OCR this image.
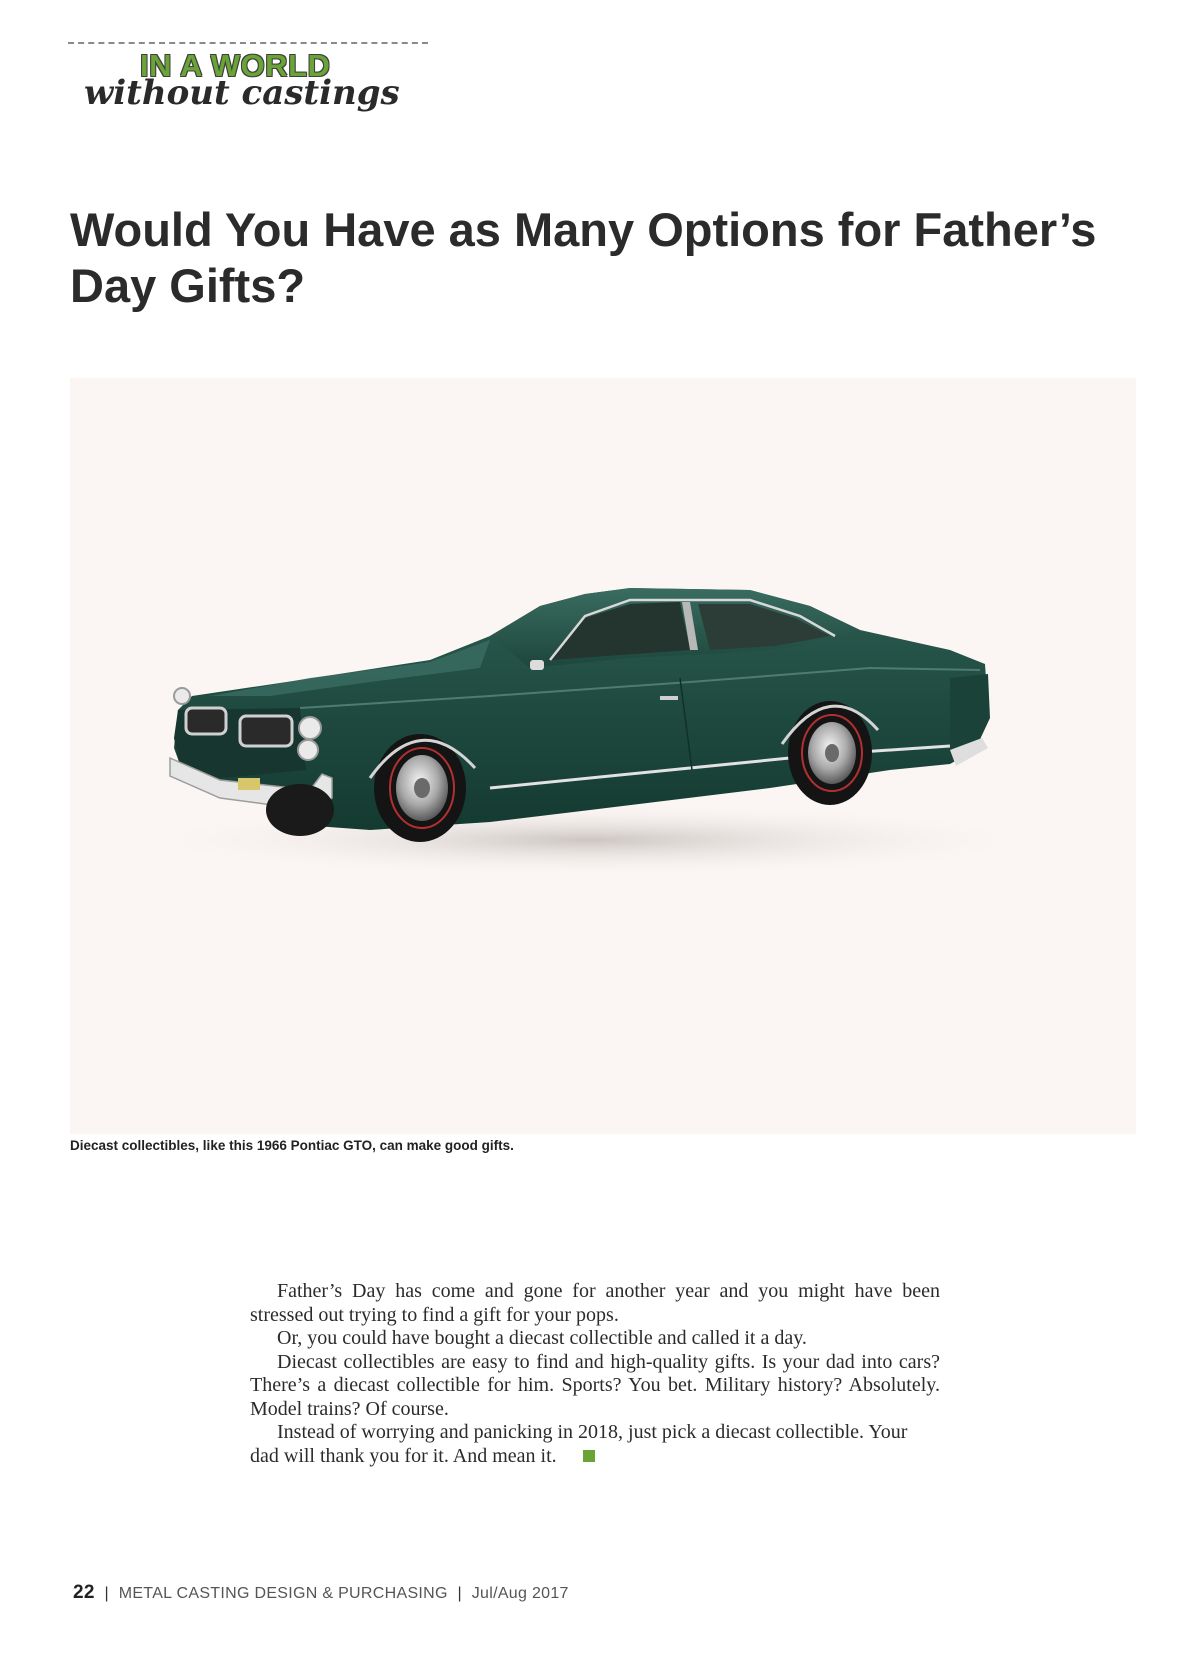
IN A WORLD
without castings
Would You Have as Many Options for Father’s Day Gifts?

Diecast collectibles, like this 1966 Pontiac GTO, can make good gifts.

Father’s Day has come and gone for another year and you might have been stressed out trying to find a gift for your pops.

Or, you could have bought a diecast collectible and called it a day.

Diecast collectibles are easy to find and high-quality gifts. Is your dad into cars? There’s a diecast collectible for him. Sports? You bet. Military history? Absolutely. Model trains? Of course.

Instead of worrying and panicking in 2018, just pick a diecast collectible. Your dad will thank you for it. And mean it.

22 | METAL CASTING DESIGN & PURCHASING | Jul/Aug 2017
